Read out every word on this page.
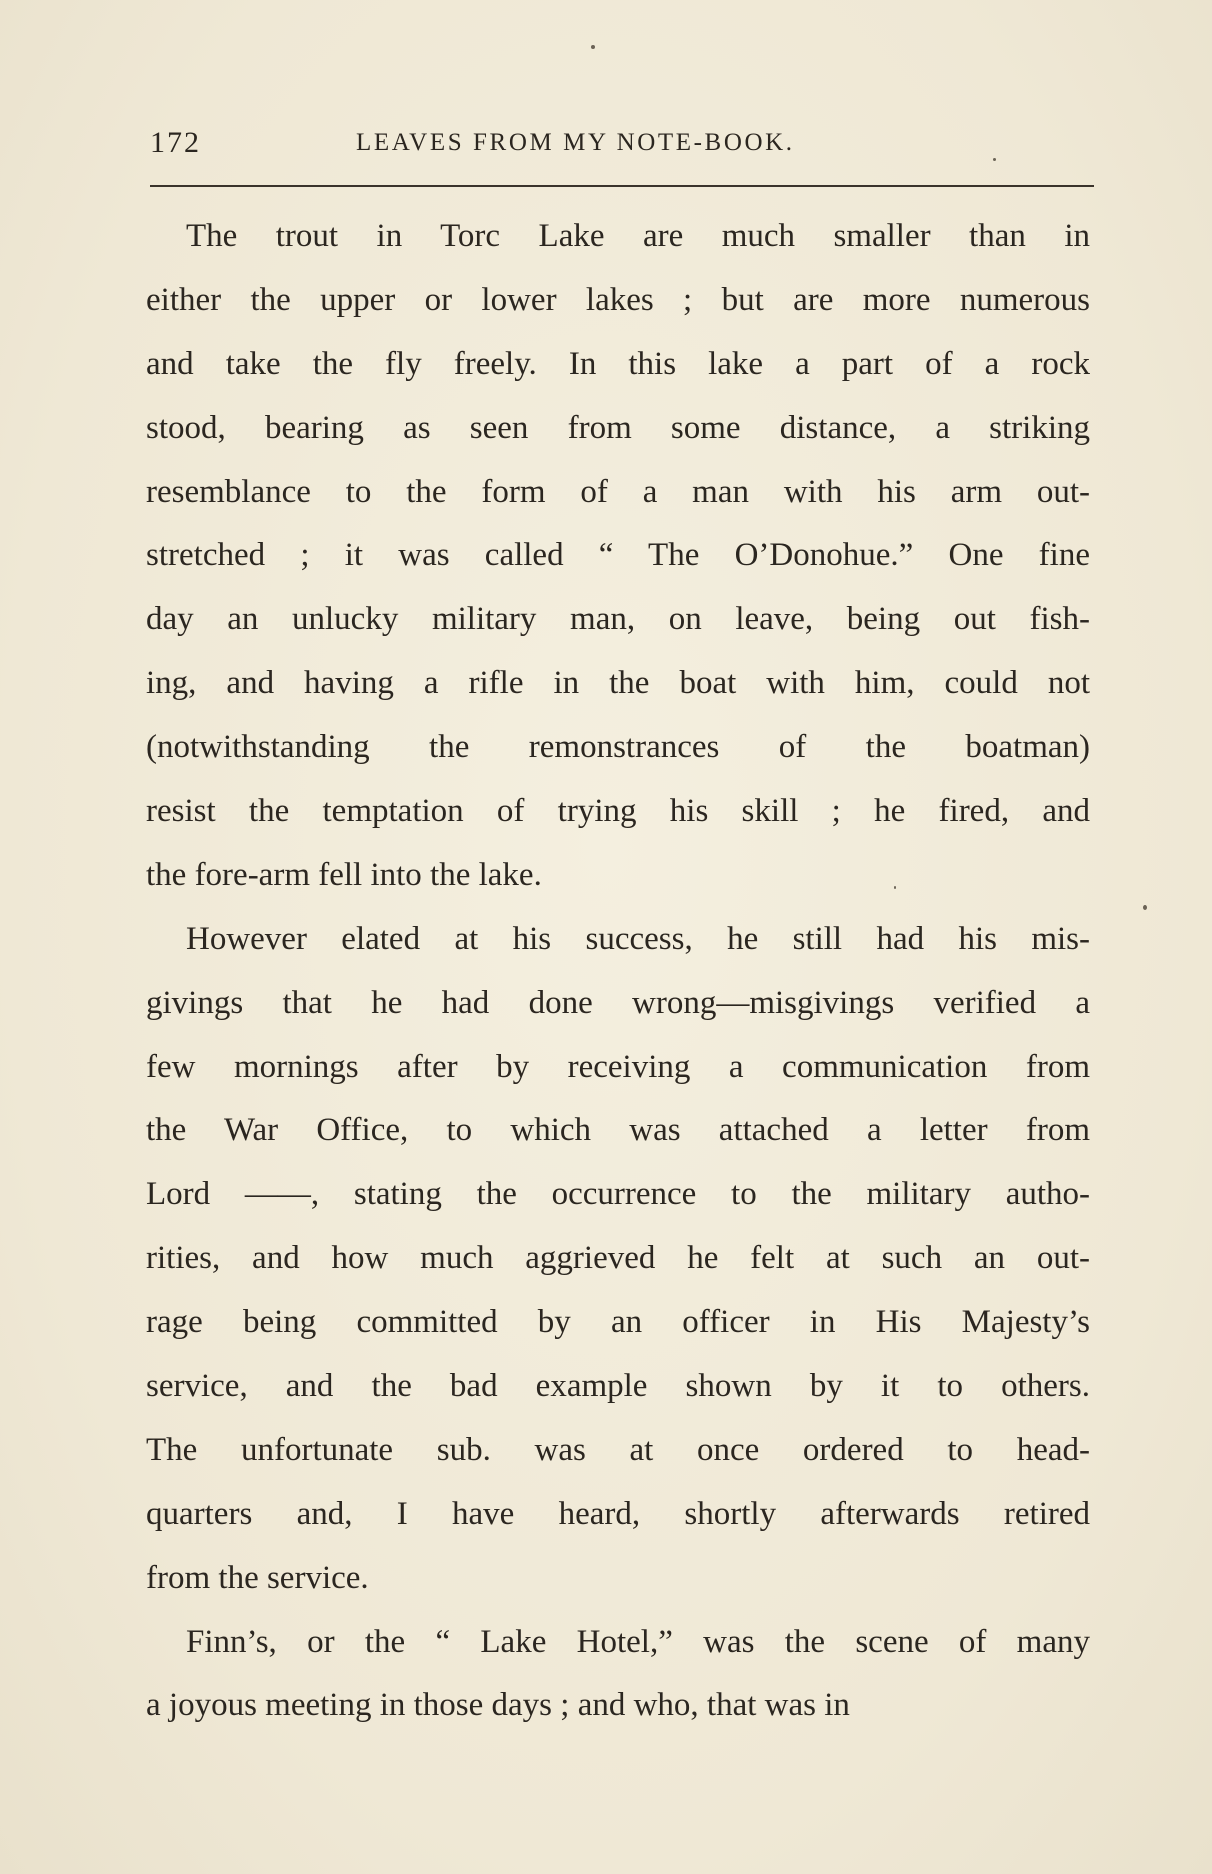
172	LEAVES FROM MY NOTE-BOOK.
The trout in Torc Lake are much smaller than in
either the upper or lower lakes ; but are more numerous
and take the fly freely. In this lake a part of a rock
stood, bearing as seen from some distance, a striking
resemblance to the form of a man with his arm out-
stretched ; it was called “ The O’Donohue.” One fine
day an unlucky military man, on leave, being out fish-
ing, and having a rifle in the boat with him, could not
(notwithstanding the remonstrances of the boatman)
resist the temptation of trying his skill ; he fired, and
the fore-arm fell into the lake.
However elated at his success, he still had his mis-
givings that he had done wrong—misgivings verified a
few mornings after by receiving a communication from
the War Office, to which was attached a letter from
Lord ——, stating the occurrence to the military autho-
rities, and how much aggrieved he felt at such an out-
rage being committed by an officer in His Majesty’s
service, and the bad example shown by it to others.
The unfortunate sub. was at once ordered to head-
quarters and, I have heard, shortly afterwards retired
from the service.
Finn’s, or the “ Lake Hotel,” was the scene of many
a joyous meeting in those days ; and who, that was in
